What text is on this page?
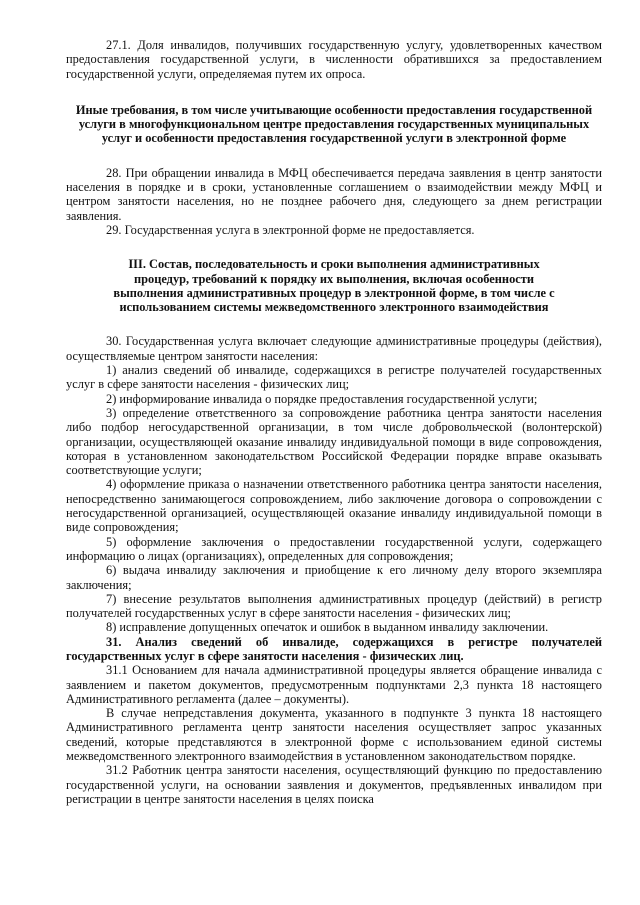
27.1. Доля инвалидов, получивших государственную услугу, удовлетворенных качеством предоставления государственной услуги, в численности обратившихся за предоставлением государственной услуги, определяемая путем их опроса.

Иные требования, в том числе учитывающие особенности предоставления государственной услуги в многофункциональном центре предоставления государственных муниципальных услуг и особенности предоставления государственной услуги в электронной форме

28. При обращении инвалида в МФЦ обеспечивается передача заявления в центр занятости населения в порядке и в сроки, установленные соглашением о взаимодействии между МФЦ и центром занятости населения, но не позднее рабочего дня, следующего за днем регистрации заявления.

29. Государственная услуга в электронной форме не предоставляется.

III. Состав, последовательность и сроки выполнения административных процедур, требований к порядку их выполнения, включая особенности выполнения административных процедур в электронной форме, в том числе с использованием системы межведомственного электронного взаимодействия

30. Государственная услуга включает следующие административные процедуры (действия), осуществляемые центром занятости населения:

1) анализ сведений об инвалиде, содержащихся в регистре получателей государственных услуг в сфере занятости населения - физических лиц;

2) информирование инвалида о порядке предоставления государственной услуги;

3) определение ответственного за сопровождение работника центра занятости населения либо подбор негосударственной организации, в том числе добровольческой (волонтерской) организации, осуществляющей оказание инвалиду индивидуальной помощи в виде сопровождения, которая в установленном законодательством Российской Федерации порядке вправе оказывать соответствующие услуги;

4) оформление приказа о назначении ответственного работника центра занятости населения, непосредственно занимающегося сопровождением, либо заключение договора о сопровождении с негосударственной организацией, осуществляющей оказание инвалиду индивидуальной помощи в виде сопровождения;

5) оформление заключения о предоставлении государственной услуги, содержащего информацию о лицах (организациях), определенных для сопровождения;

6) выдача инвалиду заключения и приобщение к его личному делу второго экземпляра заключения;

7) внесение результатов выполнения административных процедур (действий) в регистр получателей государственных услуг в сфере занятости населения - физических лиц;

8) исправление допущенных опечаток и ошибок в выданном инвалиду заключении.

31. Анализ сведений об инвалиде, содержащихся в регистре получателей государственных услуг в сфере занятости населения - физических лиц.

31.1 Основанием для начала административной процедуры является обращение инвалида с заявлением и пакетом документов, предусмотренным подпунктами 2,3 пункта 18 настоящего Административного регламента (далее – документы).

В случае непредставления документа, указанного в подпункте 3 пункта 18 настоящего Административного регламента центр занятости населения осуществляет запрос указанных сведений, которые представляются в электронной форме с использованием единой системы межведомственного электронного взаимодействия в установленном законодательством порядке.

31.2 Работник центра занятости населения, осуществляющий функцию по предоставлению государственной услуги, на основании заявления и документов, предъявленных инвалидом при регистрации в центре занятости населения в целях поиска
